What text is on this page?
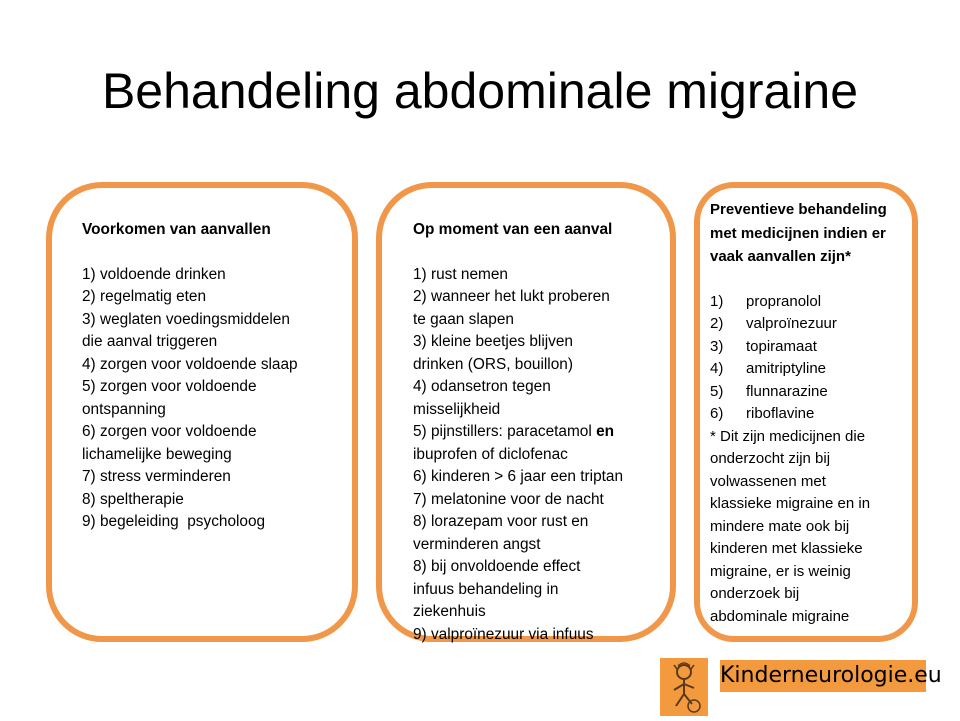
Behandeling abdominale migraine

Voorkomen van aanvallen

1) voldoende drinken
2) regelmatig eten
3) weglaten voedingsmiddelen
die aanval triggeren
4) zorgen voor voldoende slaap
5) zorgen voor voldoende
ontspanning
6) zorgen voor voldoende
lichamelijke beweging
7) stress verminderen
8) speltherapie
9) begeleiding  psycholoog

Op moment van een aanval

1) rust nemen
2) wanneer het lukt proberen
te gaan slapen
3) kleine beetjes blijven
drinken (ORS, bouillon)
4) odansetron tegen
misselijkheid
5) pijnstillers: paracetamol en
ibuprofen of diclofenac
6) kinderen > 6 jaar een triptan
7) melatonine voor de nacht
8) lorazepam voor rust en
verminderen angst
8) bij onvoldoende effect
infuus behandeling in
ziekenhuis
9) valproïnezuur via infuus
Preventieve behandeling
met medicijnen indien er
vaak aanvallen zijn*
1) propranolol
2) valproïnezuur
3) topiramaat
4) amitriptyline
5) flunnarazine
6) riboflavine
* Dit zijn medicijnen die
onderzocht zijn bij
volwassenen met
klassieke migraine en in
mindere mate ook bij
kinderen met klassieke
migraine, er is weinig
onderzoek bij
abdominale migraine
Kinderneurologie.eu
